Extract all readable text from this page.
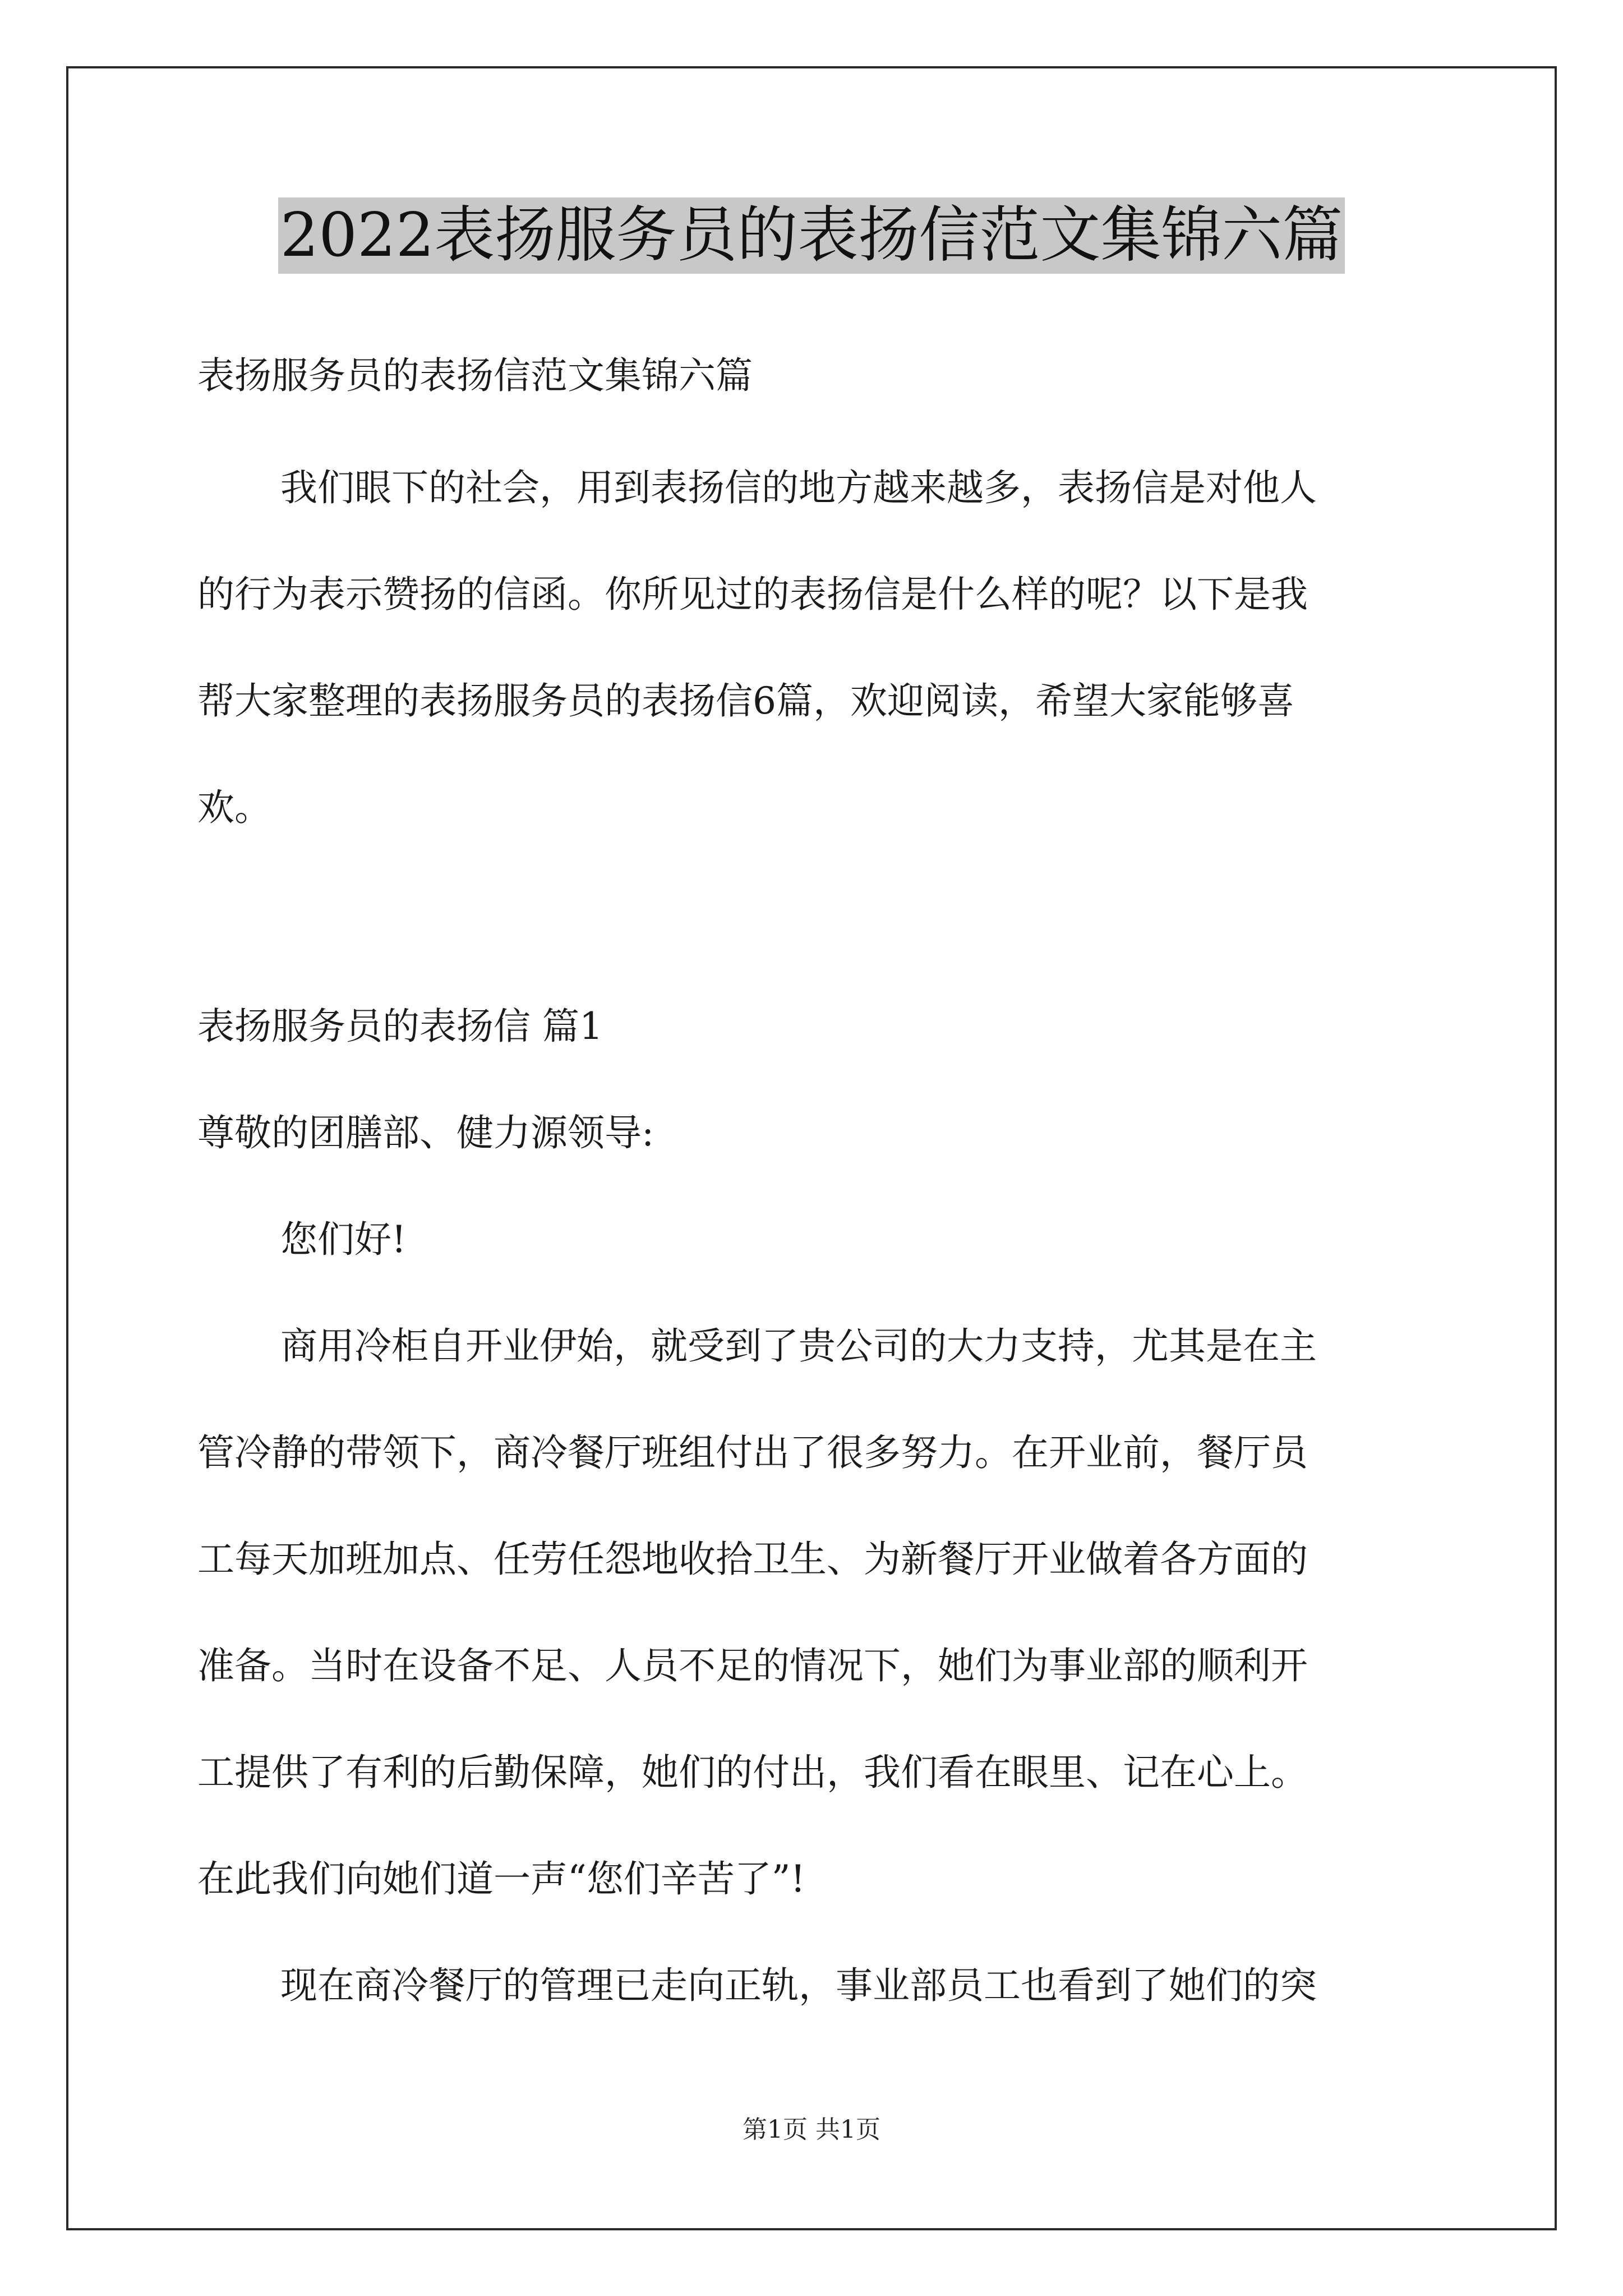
2022表扬服务员的表扬信范文集锦六篇
表扬服务员的表扬信范文集锦六篇
我们眼下的社会，用到表扬信的地方越来越多，表扬信是对他人
的行为表示赞扬的信函。你所见过的表扬信是什么样的呢？以下是我
帮大家整理的表扬服务员的表扬信6篇，欢迎阅读，希望大家能够喜
欢。
表扬服务员的表扬信 篇1
尊敬的团膳部、健力源领导:
您们好!
商用冷柜自开业伊始，就受到了贵公司的大力支持，尤其是在主
管冷静的带领下，商冷餐厅班组付出了很多努力。在开业前，餐厅员
工每天加班加点、任劳任怨地收拾卫生、为新餐厅开业做着各方面的
准备。当时在设备不足、人员不足的情况下，她们为事业部的顺利开
工提供了有利的后勤保障，她们的付出，我们看在眼里、记在心上。
在此我们向她们道一声“您们辛苦了”!
现在商冷餐厅的管理已走向正轨，事业部员工也看到了她们的突
第1页 共1页
